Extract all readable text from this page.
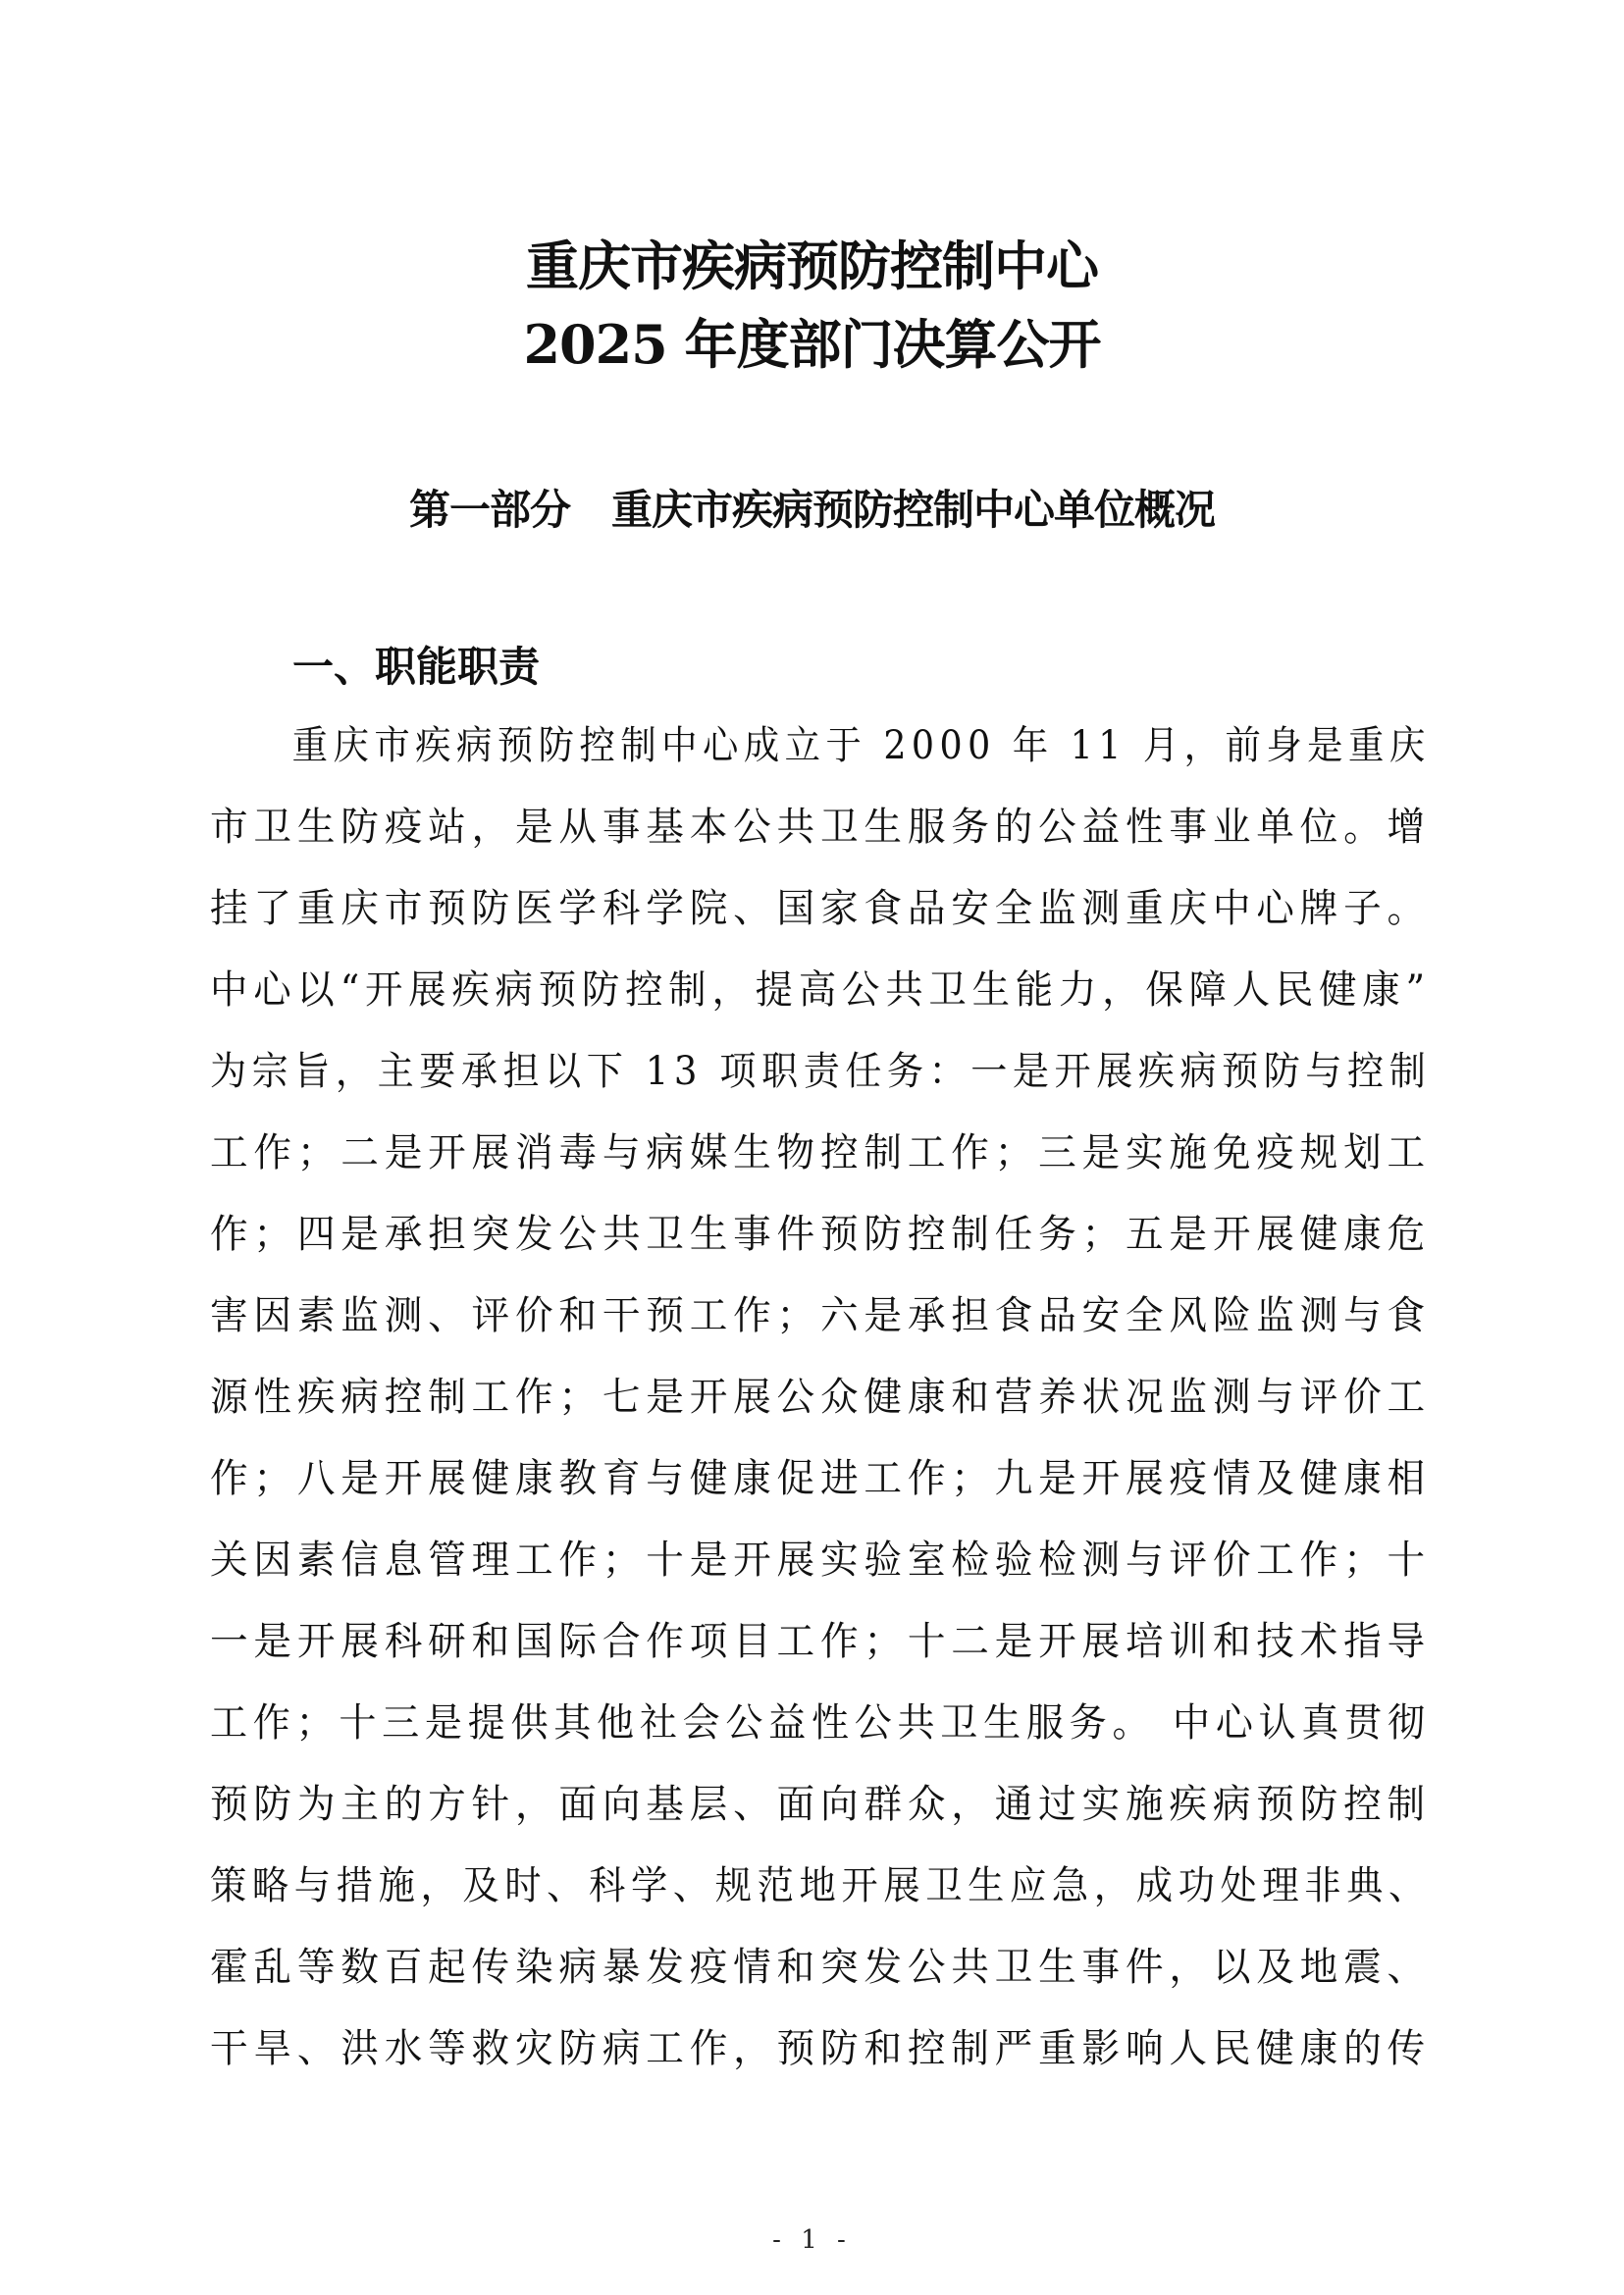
重庆市疾病预防控制中心
2025 年度部门决算公开
第一部分 重庆市疾病预防控制中心单位概况
一、职能职责
　　重庆市疾病预防控制中心成立于 2000 年 11 月，前身是重庆
市卫生防疫站，是从事基本公共卫生服务的公益性事业单位。增
挂了重庆市预防医学科学院、国家食品安全监测重庆中心牌子。
中心以“开展疾病预防控制，提高公共卫生能力，保障人民健康”
为宗旨，主要承担以下 13 项职责任务：一是开展疾病预防与控制
工作；二是开展消毒与病媒生物控制工作；三是实施免疫规划工
作；四是承担突发公共卫生事件预防控制任务；五是开展健康危
害因素监测、评价和干预工作；六是承担食品安全风险监测与食
源性疾病控制工作；七是开展公众健康和营养状况监测与评价工
作；八是开展健康教育与健康促进工作；九是开展疫情及健康相
关因素信息管理工作；十是开展实验室检验检测与评价工作；十
一是开展科研和国际合作项目工作；十二是开展培训和技术指导
工作；十三是提供其他社会公益性公共卫生服务。 中心认真贯彻
预防为主的方针，面向基层、面向群众，通过实施疾病预防控制
策略与措施，及时、科学、规范地开展卫生应急，成功处理非典、
霍乱等数百起传染病暴发疫情和突发公共卫生事件，以及地震、
干旱、洪水等救灾防病工作，预防和控制严重影响人民健康的传
- 1 -
